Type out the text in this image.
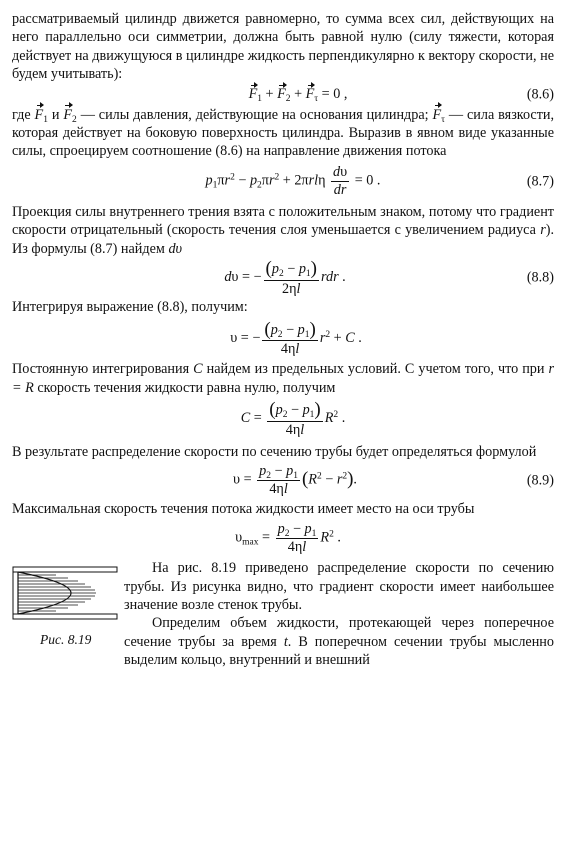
рассматриваемый цилиндр движется равномерно, то сумма всех сил, действующих на него параллельно оси симметрии, должна быть равной нулю (силу тяжести, которая действует на движущуюся в цилиндре жидкость перпендикулярно к вектору скорости, не будем учитывать):

$F_1 + F_2 + F_\tau = 0$ ,	(8.6)

где $F_1$ и $F_2$ — силы давления, действующие на основания цилиндра; $F_\tau$ — сила вязкости, которая действует на боковую поверхность цилиндра. Выразив в явном виде указанные силы, спроецируем соотношение (8.6) на направление движения потока

$p_1\pi r^2 - p_2\pi r^2 + 2\pi rl\eta \frac{d\upsilon}{dr} = 0$ .	(8.7)

Проекция силы внутреннего трения взята с положительным знаком, потому что градиент скорости отрицательный (скорость течения слоя уменьшается с увеличением радиуса r). Из формулы (8.7) найдем dυ

dυ = − $\frac{(p_2 - p_1)}{2\eta l}$ rdr .	(8.8)

Интегрируя выражение (8.8), получим:

υ = − $\frac{(p_2 - p_1)}{4\eta l} r^2 + C$ .

Постоянную интегрирования C найдем из предельных условий. С учетом того, что при r = R скорость течения жидкости равна нулю, получим

$C = \frac{(p_2 - p_1)}{4\eta l} R^2$ .

В результате распределение скорости по сечению трубы будет определяться формулой

$\upsilon = \frac{p_2 - p_1}{4\eta l} (R^2 - r^2)$.	(8.9)

Максимальная скорость течения потока жидкости имеет место на оси трубы

$\upsilon_{max} = \frac{p_2 - p_1}{4\eta l} R^2$ .
Рис. 8.19

На рис. 8.19 приведено распределение скорости по сечению трубы. Из рисунка видно, что градиент скорости имеет наибольшее значение возле стенок трубы.

Определим объем жидкости, протекающей через поперечное сечение трубы за время t. В поперечном сечении трубы мысленно выделим кольцо, внутренний и внешний
